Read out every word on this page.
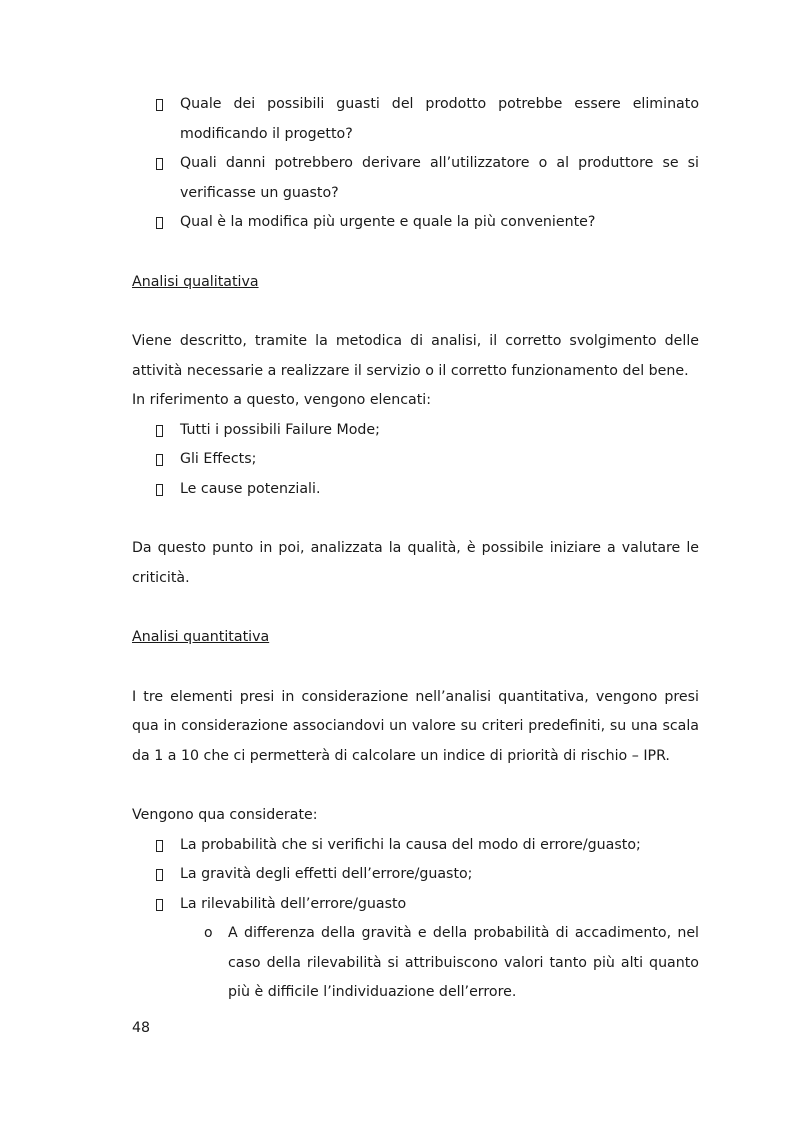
Quale dei possibili guasti del prodotto potrebbe essere eliminato modificando il progetto?
Quali danni potrebbero derivare all’utilizzatore o al produttore se si verificasse un guasto?
Qual è la modifica più urgente e quale la più conveniente?
Analisi qualitativa

Viene descritto, tramite la metodica di analisi, il corretto svolgimento delle attività necessarie a realizzare il servizio o il corretto funzionamento del bene.

In riferimento a questo, vengono elencati:

Tutti i possibili Failure Mode;
Gli Effects;
Le cause potenziali.

Da questo punto in poi, analizzata la qualità, è possibile iniziare a valutare le criticità.

Analisi quantitativa

I tre elementi presi in considerazione nell’analisi quantitativa, vengono presi qua in considerazione associandovi un valore su criteri predefiniti, su una scala da 1 a 10 che ci permetterà di calcolare un indice di priorità di rischio – IPR.

Vengono qua considerate:

La probabilità che si verifichi la causa del modo di errore/guasto;
La gravità degli effetti dell’errore/guasto;
La rilevabilità dell’errore/guasto
o A differenza della gravità e della probabilità di accadimento, nel caso della rilevabilità si attribuiscono valori tanto più alti quanto più è difficile l’individuazione dell’errore.
48
